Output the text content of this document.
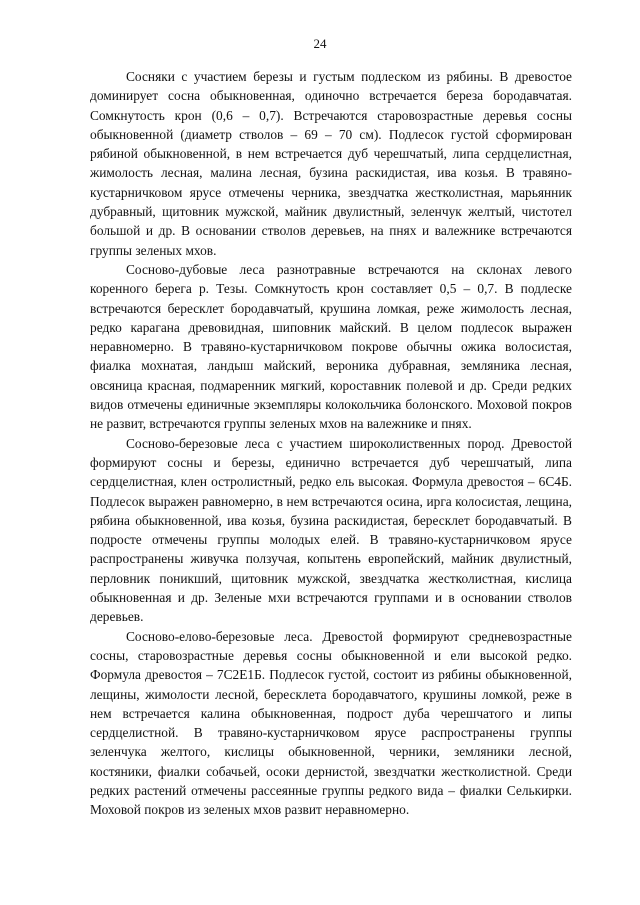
24

Сосняки с участием березы и густым подлеском из рябины. В древостое доминирует сосна обыкновенная, одиночно встречается береза бородавчатая. Сомкнутость крон (0,6 – 0,7). Встречаются старовозрастные деревья сосны обыкновенной (диаметр стволов – 69 – 70 см). Подлесок густой сформирован рябиной обыкновенной, в нем встречается дуб черешчатый, липа сердцелистная, жимолость лесная, малина лесная, бузина раскидистая, ива козья. В травяно-кустарничковом ярусе отмечены черника, звездчатка жестколистная, марьянник дубравный, щитовник мужской, майник двулистный, зеленчук желтый, чистотел большой и др. В основании стволов деревьев, на пнях и валежнике встречаются группы зеленых мхов.

Сосново-дубовые леса разнотравные встречаются на склонах левого коренного берега р. Тезы. Сомкнутость крон составляет 0,5 – 0,7. В подлеске встречаются бересклет бородавчатый, крушина ломкая, реже жимолость лесная, редко карагана древовидная, шиповник майский. В целом подлесок выражен неравномерно. В травяно-кустарничковом покрове обычны ожика волосистая, фиалка мохнатая, ландыш майский, вероника дубравная, земляника лесная, овсяница красная, подмаренник мягкий, короставник полевой и др. Среди редких видов отмечены единичные экземпляры колокольчика болонского. Моховой покров не развит, встречаются группы зеленых мхов на валежнике и пнях.

Сосново-березовые леса с участием широколиственных пород. Древостой формируют сосны и березы, единично встречается дуб черешчатый, липа сердцелистная, клен остролистный, редко ель высокая. Формула древостоя – 6С4Б. Подлесок выражен равномерно, в нем встречаются осина, ирга колосистая, лещина, рябина обыкновенной, ива козья, бузина раскидистая, бересклет бородавчатый. В подросте отмечены группы молодых елей. В травяно-кустарничковом ярусе распространены живучка ползучая, копытень европейский, майник двулистный, перловник поникший, щитовник мужской, звездчатка жестколистная, кислица обыкновенная и др. Зеленые мхи встречаются группами и в основании стволов деревьев.

Сосново-елово-березовые леса. Древостой формируют средневозрастные сосны, старовозрастные деревья сосны обыкновенной и ели высокой редко. Формула древостоя – 7С2Е1Б. Подлесок густой, состоит из рябины обыкновенной, лещины, жимолости лесной, бересклета бородавчатого, крушины ломкой, реже в нем встречается калина обыкновенная, подрост дуба черешчатого и липы сердцелистной. В травяно-кустарничковом ярусе распространены группы зеленчука желтого, кислицы обыкновенной, черники, земляники лесной, костяники, фиалки собачьей, осоки дернистой, звездчатки жестколистной. Среди редких растений отмечены рассеянные группы редкого вида – фиалки Селькирки. Моховой покров из зеленых мхов развит неравномерно.
